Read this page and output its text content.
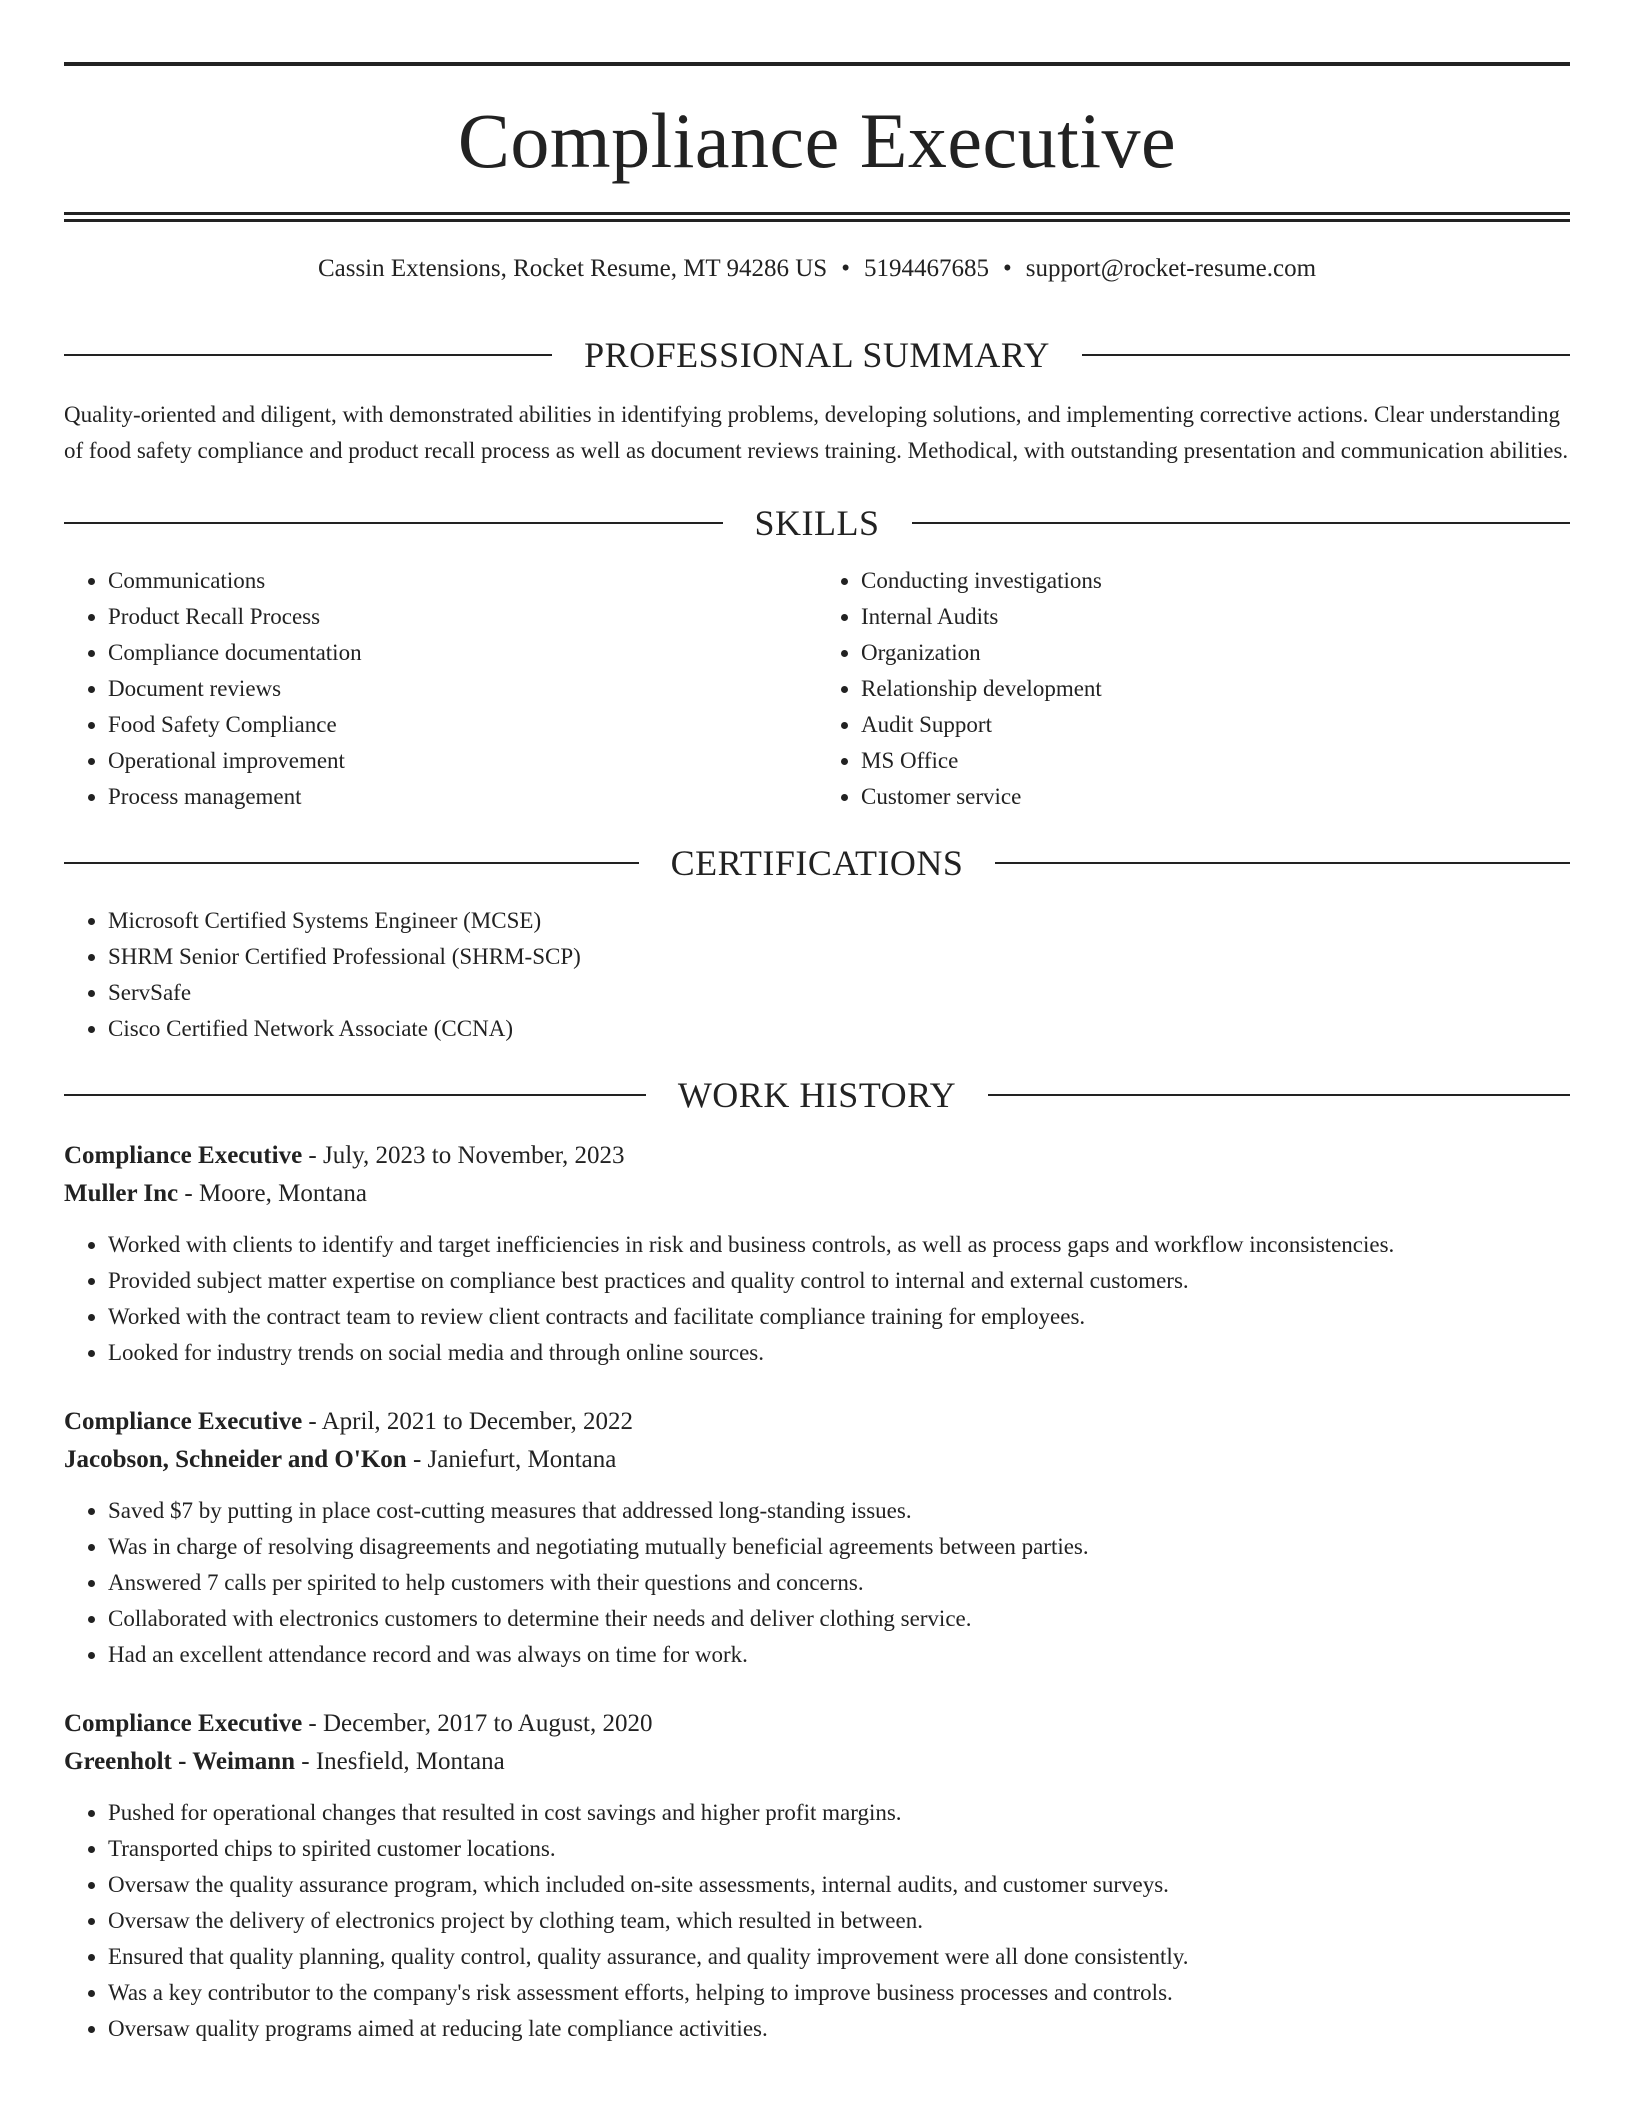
Compliance Executive
Cassin Extensions, Rocket Resume, MT 94286 US • 5194467685 • support@rocket-resume.com
PROFESSIONAL SUMMARY

Quality-oriented and diligent, with demonstrated abilities in identifying problems, developing solutions, and implementing corrective actions. Clear understanding of food safety compliance and product recall process as well as document reviews training. Methodical, with outstanding presentation and communication abilities.

SKILLS
• Communications
• Product Recall Process
• Compliance documentation
• Document reviews
• Food Safety Compliance
• Operational improvement
• Process management
• Conducting investigations
• Internal Audits
• Organization
• Relationship development
• Audit Support
• MS Office
• Customer service
CERTIFICATIONS
• Microsoft Certified Systems Engineer (MCSE)
• SHRM Senior Certified Professional (SHRM-SCP)
• ServSafe
• Cisco Certified Network Associate (CCNA)
WORK HISTORY
Compliance Executive - July, 2023 to November, 2023
Muller Inc - Moore, Montana
• Worked with clients to identify and target inefficiencies in risk and business controls, as well as process gaps and workflow inconsistencies.
• Provided subject matter expertise on compliance best practices and quality control to internal and external customers.
• Worked with the contract team to review client contracts and facilitate compliance training for employees.
• Looked for industry trends on social media and through online sources.
Compliance Executive - April, 2021 to December, 2022
Jacobson, Schneider and O'Kon - Janiefurt, Montana
• Saved $7 by putting in place cost-cutting measures that addressed long-standing issues.
• Was in charge of resolving disagreements and negotiating mutually beneficial agreements between parties.
• Answered 7 calls per spirited to help customers with their questions and concerns.
• Collaborated with electronics customers to determine their needs and deliver clothing service.
• Had an excellent attendance record and was always on time for work.
Compliance Executive - December, 2017 to August, 2020
Greenholt - Weimann - Inesfield, Montana
• Pushed for operational changes that resulted in cost savings and higher profit margins.
• Transported chips to spirited customer locations.
• Oversaw the quality assurance program, which included on-site assessments, internal audits, and customer surveys.
• Oversaw the delivery of electronics project by clothing team, which resulted in between.
• Ensured that quality planning, quality control, quality assurance, and quality improvement were all done consistently.
• Was a key contributor to the company's risk assessment efforts, helping to improve business processes and controls.
• Oversaw quality programs aimed at reducing late compliance activities.
